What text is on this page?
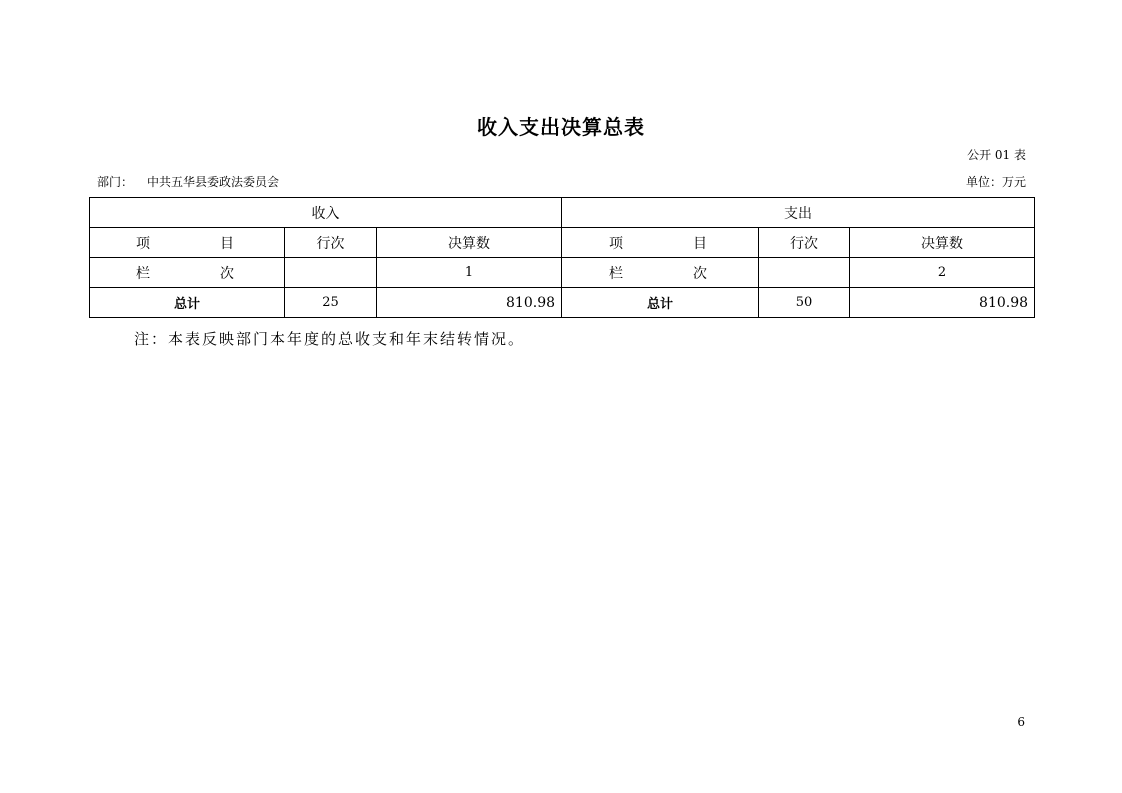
收入支出决算总表
公开 01 表
部门： 中共五华县委政法委员会	单位：万元
收入			支出		
项　目	行次	决算数	项　目	行次	决算数
栏　次		1	栏　次		2
总计	25	810.98	总计	50	810.98
注：本表反映部门本年度的总收支和年末结转情况。
6
